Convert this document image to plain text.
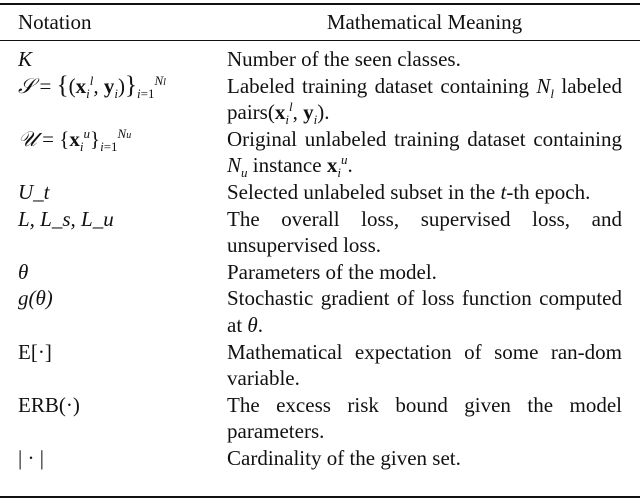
Notation	Mathematical Meaning
K	Number of the seen classes.
𝒮 = {($x_i^l$, $y_i)\}_{i=1}^{Nl}$	Labeled training dataset containing $N_l$ labeled $pairs(x_i^l$, $y_i$).
𝒰 = $\{x_i^u\}_{i=1}^{Nu}$	Original unlabeled training dataset containing $N_u$ instance $x_i^u$.
U_t	Selected unlabeled subset in the t-th epoch.
L, L_s, L_u	The overall loss, supervised loss, and unsupervised loss.
θ	Parameters of the model.
g(θ)	Stochastic gradient of loss function computed at θ.
E[·]	Mathematical expectation of some ran-dom variable.
ERB(·)	The excess risk bound given the model parameters.
| · |	Cardinality of the given set.
